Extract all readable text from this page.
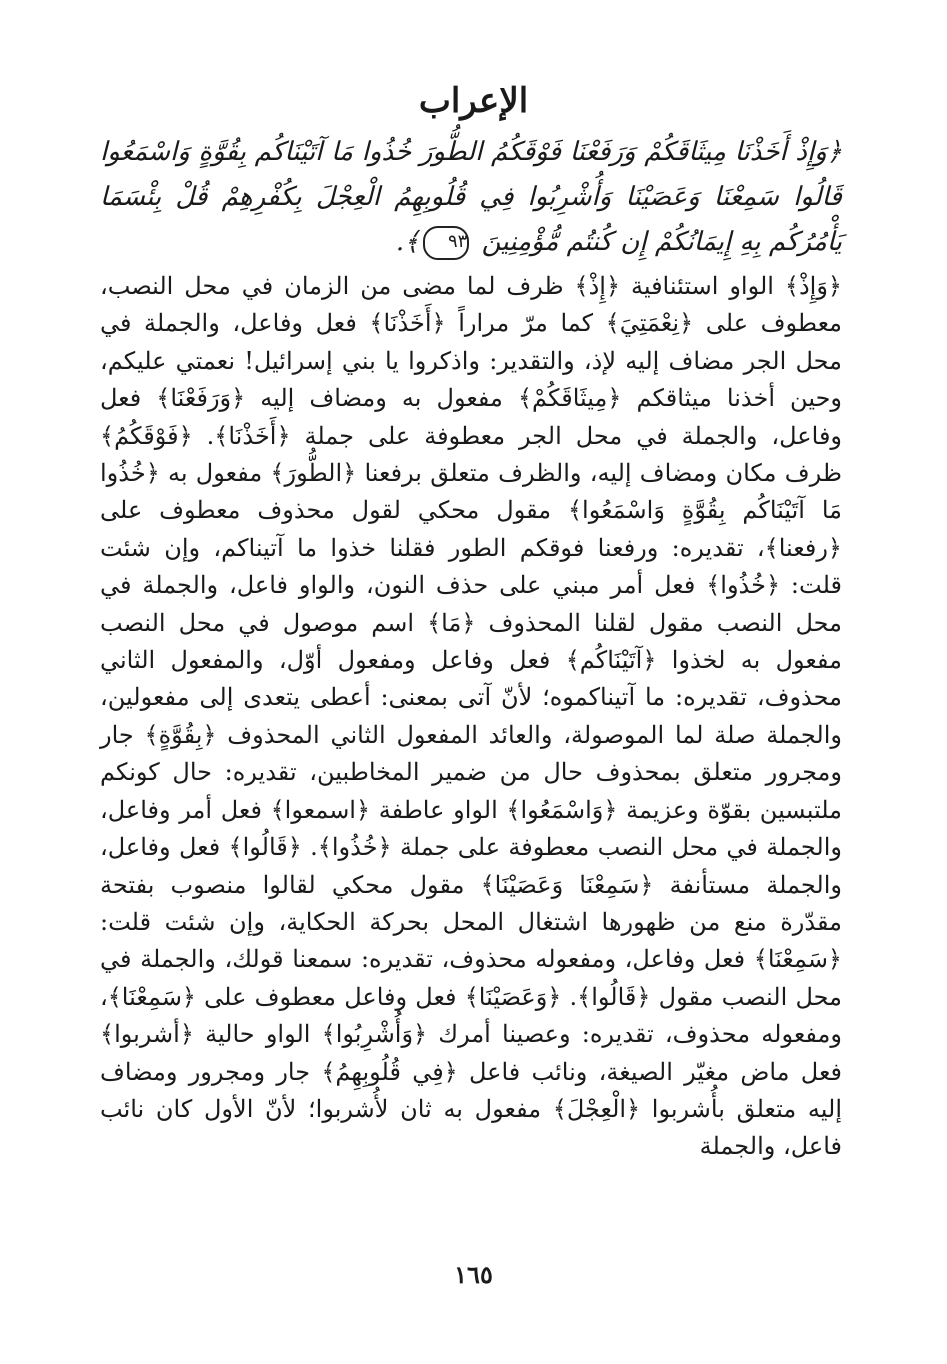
الإعراب
﴿وَإِذْ أَخَذْنَا مِيثَاقَكُمْ وَرَفَعْنَا فَوْقَكُمُ الطُّورَ خُذُوا مَا آتَيْنَاكُم بِقُوَّةٍ وَاسْمَعُوا قَالُوا سَمِعْنَا وَعَصَيْنَا وَأُشْرِبُوا فِي قُلُوبِهِمُ الْعِجْلَ بِكُفْرِهِمْ قُلْ بِئْسَمَا يَأْمُرُكُم بِهِ إِيمَانُكُمْ إِن كُنتُم مُّؤْمِنِينَ ٩٣﴾.

﴿وَإِذْ﴾ الواو استئنافية ﴿إِذْ﴾ ظرف لما مضى من الزمان في محل النصب، معطوف على ﴿نِعْمَتِيَ﴾ كما مرّ مراراً ﴿أَخَذْنَا﴾ فعل وفاعل، والجملة في محل الجر مضاف إليه لإذ، والتقدير: واذكروا يا بني إسرائيل! نعمتي عليكم، وحين أخذنا ميثاقكم ﴿مِيثَاقَكُمْ﴾ مفعول به ومضاف إليه ﴿وَرَفَعْنَا﴾ فعل وفاعل، والجملة في محل الجر معطوفة على جملة ﴿أَخَذْنَا﴾. ﴿فَوْقَكُمُ﴾ ظرف مكان ومضاف إليه، والظرف متعلق برفعنا ﴿الطُّورَ﴾ مفعول به ﴿خُذُوا مَا آتَيْنَاكُم بِقُوَّةٍ وَاسْمَعُوا﴾ مقول محكي لقول محذوف معطوف على ﴿رفعنا﴾، تقديره: ورفعنا فوقكم الطور فقلنا خذوا ما آتيناكم، وإن شئت قلت: ﴿خُذُوا﴾ فعل أمر مبني على حذف النون، والواو فاعل، والجملة في محل النصب مقول لقلنا المحذوف ﴿مَا﴾ اسم موصول في محل النصب مفعول به لخذوا ﴿آتَيْنَاكُم﴾ فعل وفاعل ومفعول أوّل، والمفعول الثاني محذوف، تقديره: ما آتيناكموه؛ لأنّ آتى بمعنى: أعطى يتعدى إلى مفعولين، والجملة صلة لما الموصولة، والعائد المفعول الثاني المحذوف ﴿بِقُوَّةٍ﴾ جار ومجرور متعلق بمحذوف حال من ضمير المخاطبين، تقديره: حال كونكم ملتبسين بقوّة وعزيمة ﴿وَاسْمَعُوا﴾ الواو عاطفة ﴿اسمعوا﴾ فعل أمر وفاعل، والجملة في محل النصب معطوفة على جملة ﴿خُذُوا﴾. ﴿قَالُوا﴾ فعل وفاعل، والجملة مستأنفة ﴿سَمِعْنَا وَعَصَيْنَا﴾ مقول محكي لقالوا منصوب بفتحة مقدّرة منع من ظهورها اشتغال المحل بحركة الحكاية، وإن شئت قلت: ﴿سَمِعْنَا﴾ فعل وفاعل، ومفعوله محذوف، تقديره: سمعنا قولك، والجملة في محل النصب مقول ﴿قَالُوا﴾. ﴿وَعَصَيْنَا﴾ فعل وفاعل معطوف على ﴿سَمِعْنَا﴾، ومفعوله محذوف، تقديره: وعصينا أمرك ﴿وَأُشْرِبُوا﴾ الواو حالية ﴿أشربوا﴾ فعل ماض مغيّر الصيغة، ونائب فاعل ﴿فِي قُلُوبِهِمُ﴾ جار ومجرور ومضاف إليه متعلق بأُشربوا ﴿الْعِجْلَ﴾ مفعول به ثان لأُشربوا؛ لأنّ الأول كان نائب فاعل، والجملة

١٦٥
